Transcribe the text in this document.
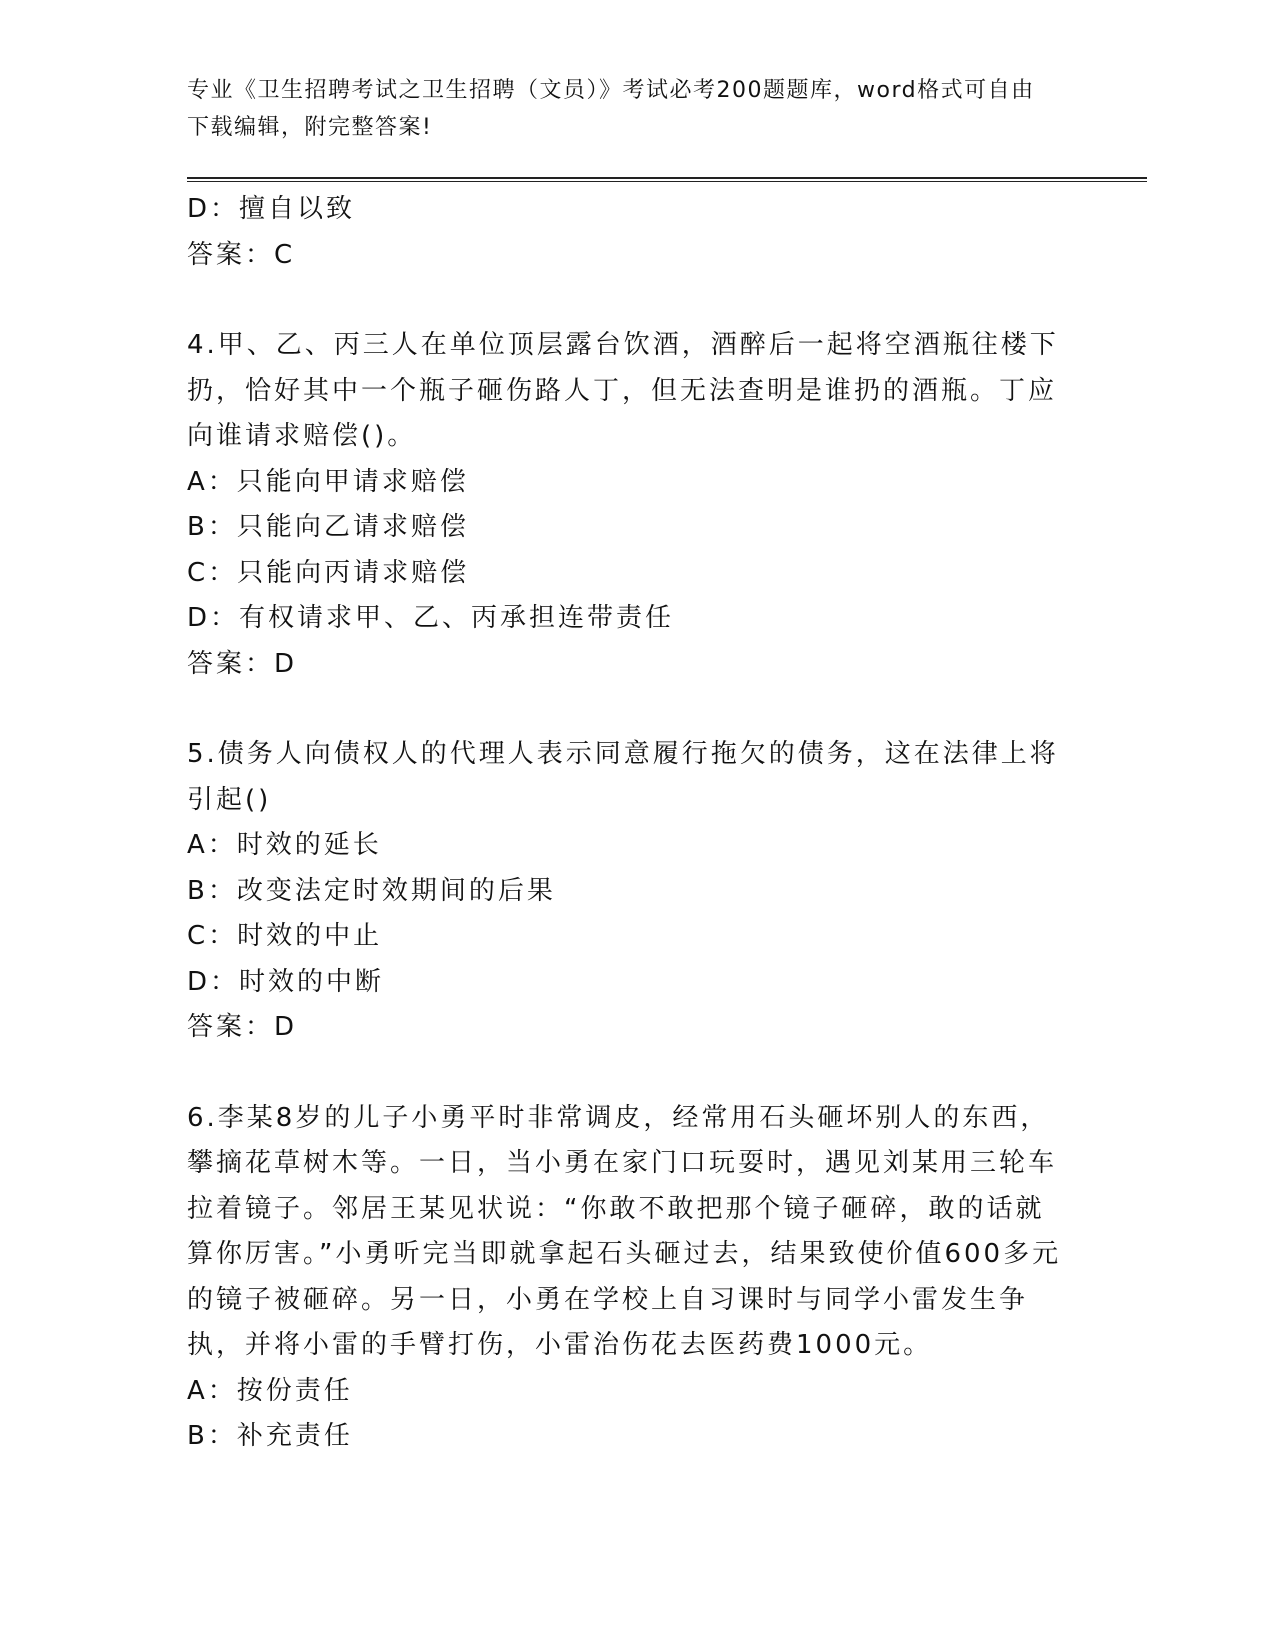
专业《卫生招聘考试之卫生招聘（文员）》考试必考200题题库，word格式可自由下载编辑，附完整答案!
D：擅自以致
答案：C
4.甲、乙、丙三人在单位顶层露台饮酒，酒醉后一起将空酒瓶往楼下扔，恰好其中一个瓶子砸伤路人丁，但无法查明是谁扔的酒瓶。丁应向谁请求赔偿()。
A：只能向甲请求赔偿
B：只能向乙请求赔偿
C：只能向丙请求赔偿
D：有权请求甲、乙、丙承担连带责任
答案：D
5.债务人向债权人的代理人表示同意履行拖欠的债务，这在法律上将引起()
A：时效的延长
B：改变法定时效期间的后果
C：时效的中止
D：时效的中断
答案：D
6.李某8岁的儿子小勇平时非常调皮，经常用石头砸坏别人的东西，攀摘花草树木等。一日，当小勇在家门口玩耍时，遇见刘某用三轮车拉着镜子。邻居王某见状说：“你敢不敢把那个镜子砸碎，敢的话就算你厉害。”小勇听完当即就拿起石头砸过去，结果致使价值600多元的镜子被砸碎。另一日，小勇在学校上自习课时与同学小雷发生争执，并将小雷的手臂打伤，小雷治伤花去医药费1000元。
A：按份责任
B：补充责任
